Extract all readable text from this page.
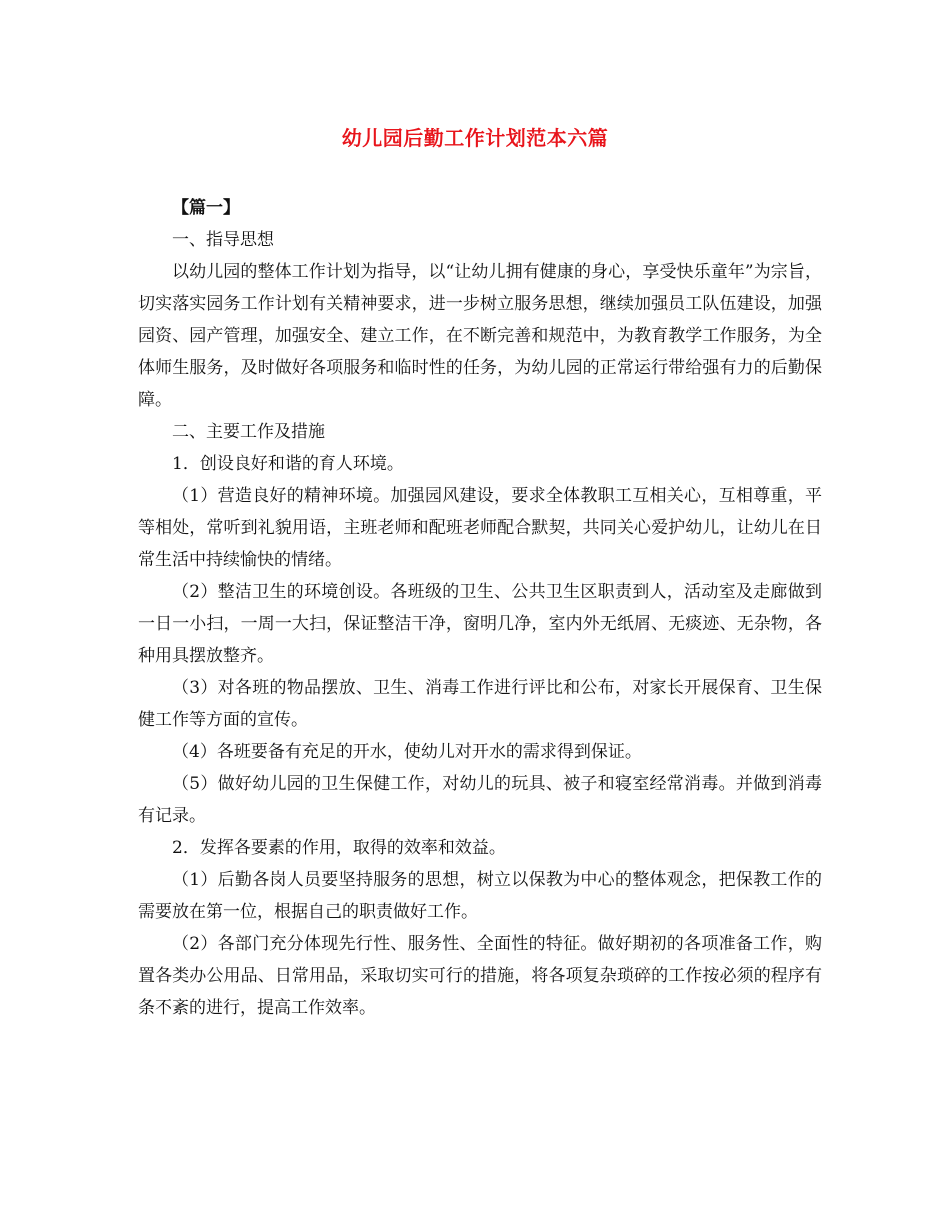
幼儿园后勤工作计划范本六篇

【篇一】

一、指导思想

以幼儿园的整体工作计划为指导，以“让幼儿拥有健康的身心，享受快乐童年”为宗旨，切实落实园务工作计划有关精神要求，进一步树立服务思想，继续加强员工队伍建设，加强园资、园产管理，加强安全、建立工作，在不断完善和规范中，为教育教学工作服务，为全体师生服务，及时做好各项服务和临时性的任务，为幼儿园的正常运行带给强有力的后勤保障。

二、主要工作及措施

1．创设良好和谐的育人环境。

（1）营造良好的精神环境。加强园风建设，要求全体教职工互相关心，互相尊重，平等相处，常听到礼貌用语，主班老师和配班老师配合默契，共同关心爱护幼儿，让幼儿在日常生活中持续愉快的情绪。

（2）整洁卫生的环境创设。各班级的卫生、公共卫生区职责到人，活动室及走廊做到一日一小扫，一周一大扫，保证整洁干净，窗明几净，室内外无纸屑、无痰迹、无杂物，各种用具摆放整齐。

（3）对各班的物品摆放、卫生、消毒工作进行评比和公布，对家长开展保育、卫生保健工作等方面的宣传。

（4）各班要备有充足的开水，使幼儿对开水的需求得到保证。

（5）做好幼儿园的卫生保健工作，对幼儿的玩具、被子和寝室经常消毒。并做到消毒有记录。

2．发挥各要素的作用，取得的效率和效益。

（1）后勤各岗人员要坚持服务的思想，树立以保教为中心的整体观念，把保教工作的需要放在第一位，根据自己的职责做好工作。

（2）各部门充分体现先行性、服务性、全面性的特征。做好期初的各项准备工作，购置各类办公用品、日常用品，采取切实可行的措施，将各项复杂琐碎的工作按必须的程序有条不紊的进行，提高工作效率。
